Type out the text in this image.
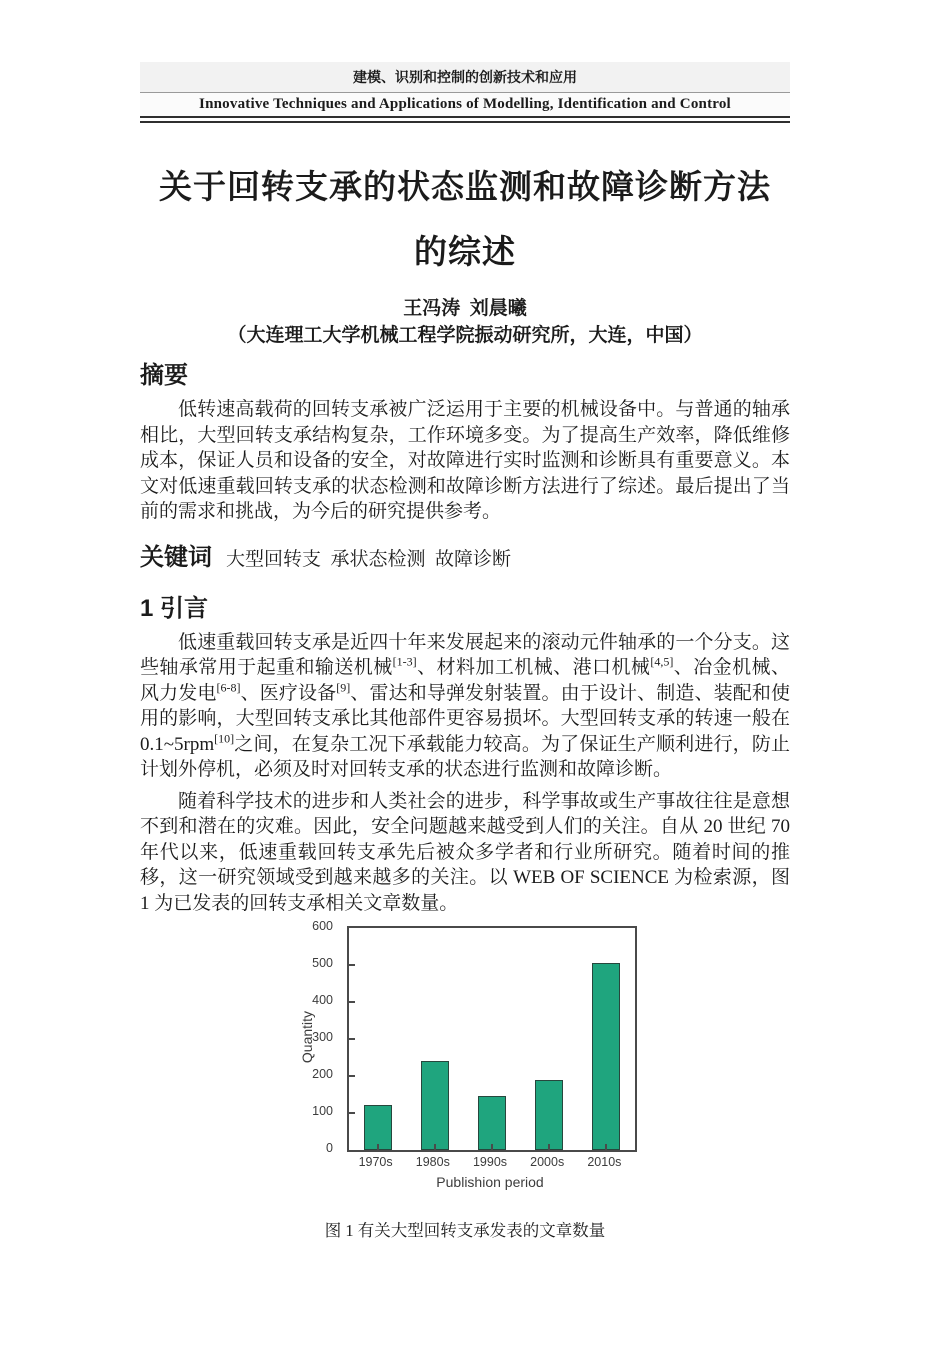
建模、识别和控制的创新技术和应用
Innovative Techniques and Applications of Modelling, Identification and Control
关于回转支承的状态监测和故障诊断方法
的综述
王冯涛  刘晨曦
（大连理工大学机械工程学院振动研究所，大连，中国）
摘要

低转速高载荷的回转支承被广泛运用于主要的机械设备中。与普通的轴承相比，大型回转支承结构复杂，工作环境多变。为了提高生产效率，降低维修成本，保证人员和设备的安全，对故障进行实时监测和诊断具有重要意义。本文对低速重载回转支承的状态检测和故障诊断方法进行了综述。最后提出了当前的需求和挑战，为今后的研究提供参考。

关键词 大型回转支  承状态检测  故障诊断
1 引言

低速重载回转支承是近四十年来发展起来的滚动元件轴承的一个分支。这些轴承常用于起重和输送机械[1-3]、材料加工机械、港口机械[4,5]、冶金机械、风力发电[6-8]、医疗设备[9]、雷达和导弹发射装置。由于设计、制造、装配和使用的影响，大型回转支承比其他部件更容易损坏。大型回转支承的转速一般在0.1~5rpm[10]之间，在复杂工况下承载能力较高。为了保证生产顺利进行，防止计划外停机，必须及时对回转支承的状态进行监测和故障诊断。

随着科学技术的进步和人类社会的进步，科学事故或生产事故往往是意想不到和潜在的灾难。因此，安全问题越来越受到人们的关注。自从 20 世纪 70 年代以来，低速重载回转支承先后被众多学者和行业所研究。随着时间的推移，这一研究领域受到越来越多的关注。以 WEB OF SCIENCE 为检索源，图 1 为已发表的回转支承相关文章数量。

Quantity
0
100
200
300
400
500
600
1970s 1980s 1990s 2000s 2010s
Publishion period
图 1 有关大型回转支承发表的文章数量
